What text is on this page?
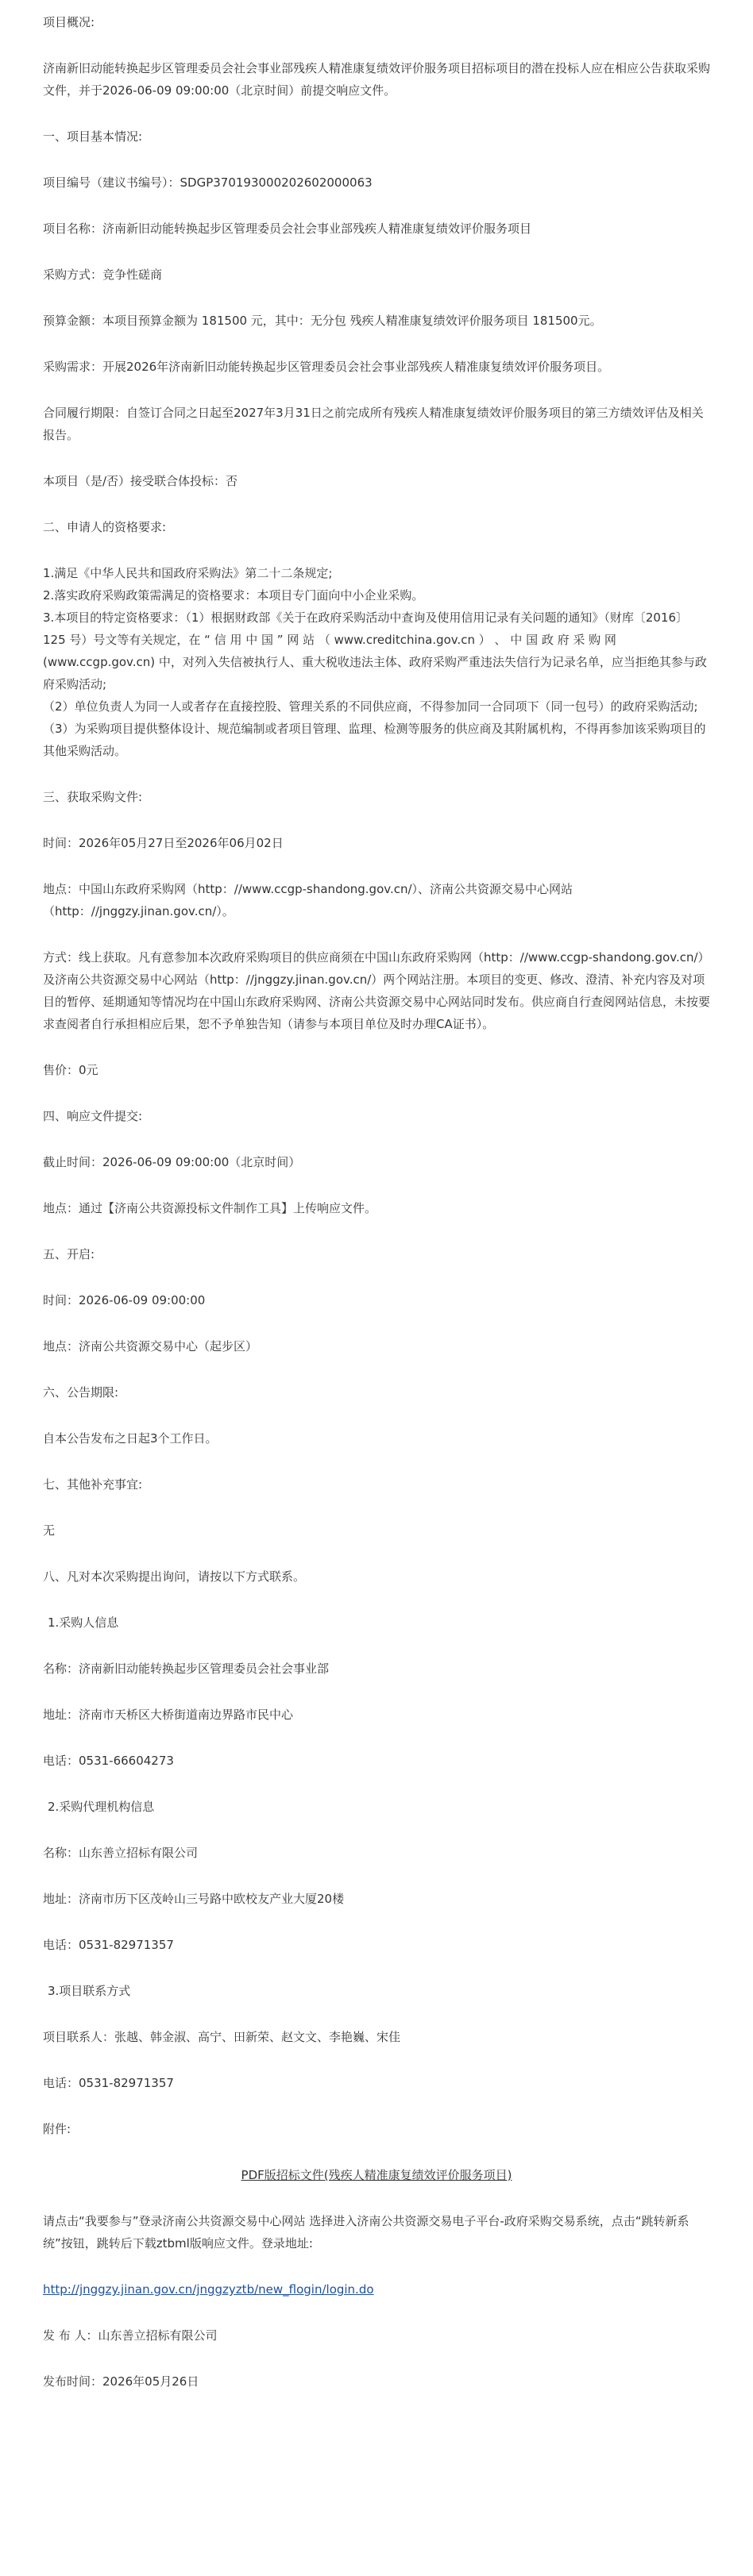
项目概况:
济南新旧动能转换起步区管理委员会社会事业部残疾人精准康复绩效评价服务项目招标项目的潜在投标人应在相应公告获取采购文件，并于2026-06-09 09:00:00（北京时间）前提交响应文件。
一、项目基本情况:
项目编号（建议书编号）：SDGP370193000202602000063
项目名称：济南新旧动能转换起步区管理委员会社会事业部残疾人精准康复绩效评价服务项目
采购方式：竞争性磋商
预算金额：本项目预算金额为 181500 元，其中：无分包 残疾人精准康复绩效评价服务项目 181500元。
采购需求：开展2026年济南新旧动能转换起步区管理委员会社会事业部残疾人精准康复绩效评价服务项目。
合同履行期限：自签订合同之日起至2027年3月31日之前完成所有残疾人精准康复绩效评价服务项目的第三方绩效评估及相关报告。
本项目（是/否）接受联合体投标：否
二、申请人的资格要求:
1.满足《中华人民共和国政府采购法》第二十二条规定;
2.落实政府采购政策需满足的资格要求：本项目专门面向中小企业采购。
3.本项目的特定资格要求：（1）根据财政部《关于在政府采购活动中查询及使用信用记录有关问题的通知》（财库〔2016〕125 号）号文等有关规定，在 “ 信 用 中 国 ” 网 站 （ www.creditchina.gov.cn ） 、 中 国 政 府 采 购 网 (www.ccgp.gov.cn) 中，对列入失信被执行人、重大税收违法主体、政府采购严重违法失信行为记录名单，应当拒绝其参与政府采购活动;
（2）单位负责人为同一人或者存在直接控股、管理关系的不同供应商，不得参加同一合同项下（同一包号）的政府采购活动;
（3）为采购项目提供整体设计、规范编制或者项目管理、监理、检测等服务的供应商及其附属机构，不得再参加该采购项目的其他采购活动。
三、获取采购文件:
时间：2026年05月27日至2026年06月02日
地点：中国山东政府采购网（http：//www.ccgp-shandong.gov.cn/）、济南公共资源交易中心网站（http：//jnggzy.jinan.gov.cn/）。
方式：线上获取。凡有意参加本次政府采购项目的供应商须在中国山东政府采购网（http：//www.ccgp-shandong.gov.cn/）及济南公共资源交易中心网站（http：//jnggzy.jinan.gov.cn/）两个网站注册。本项目的变更、修改、澄清、补充内容及对项目的暂停、延期通知等情况均在中国山东政府采购网、济南公共资源交易中心网站同时发布。供应商自行查阅网站信息，未按要求查阅者自行承担相应后果，恕不予单独告知（请参与本项目单位及时办理CA证书）。
售价：0元
四、响应文件提交:
截止时间：2026-06-09 09:00:00（北京时间）
地点：通过【济南公共资源投标文件制作工具】上传响应文件。
五、开启:
时间：2026-06-09 09:00:00
地点：济南公共资源交易中心（起步区）
六、公告期限:
自本公告发布之日起3个工作日。
七、其他补充事宜:
无
八、凡对本次采购提出询问，请按以下方式联系。
1.采购人信息
名称：济南新旧动能转换起步区管理委员会社会事业部
地址：济南市天桥区大桥街道南边界路市民中心
电话：0531-66604273
2.采购代理机构信息
名称：山东善立招标有限公司
地址：济南市历下区茂岭山三号路中欧校友产业大厦20楼
电话：0531-82971357
3.项目联系方式
项目联系人：张越、韩金淑、高宁、田新荣、赵文文、李艳巍、宋佳
电话：0531-82971357
附件:
PDF版招标文件(残疾人精准康复绩效评价服务项目)
请点击“我要参与”登录济南公共资源交易中心网站 选择进入济南公共资源交易电子平台-政府采购交易系统，点击“跳转新系统”按钮，跳转后下载ztbml版响应文件。登录地址:
http://jnggzy.jinan.gov.cn/jnggzyztb/new_flogin/login.do
发 布 人：山东善立招标有限公司
发布时间：2026年05月26日
